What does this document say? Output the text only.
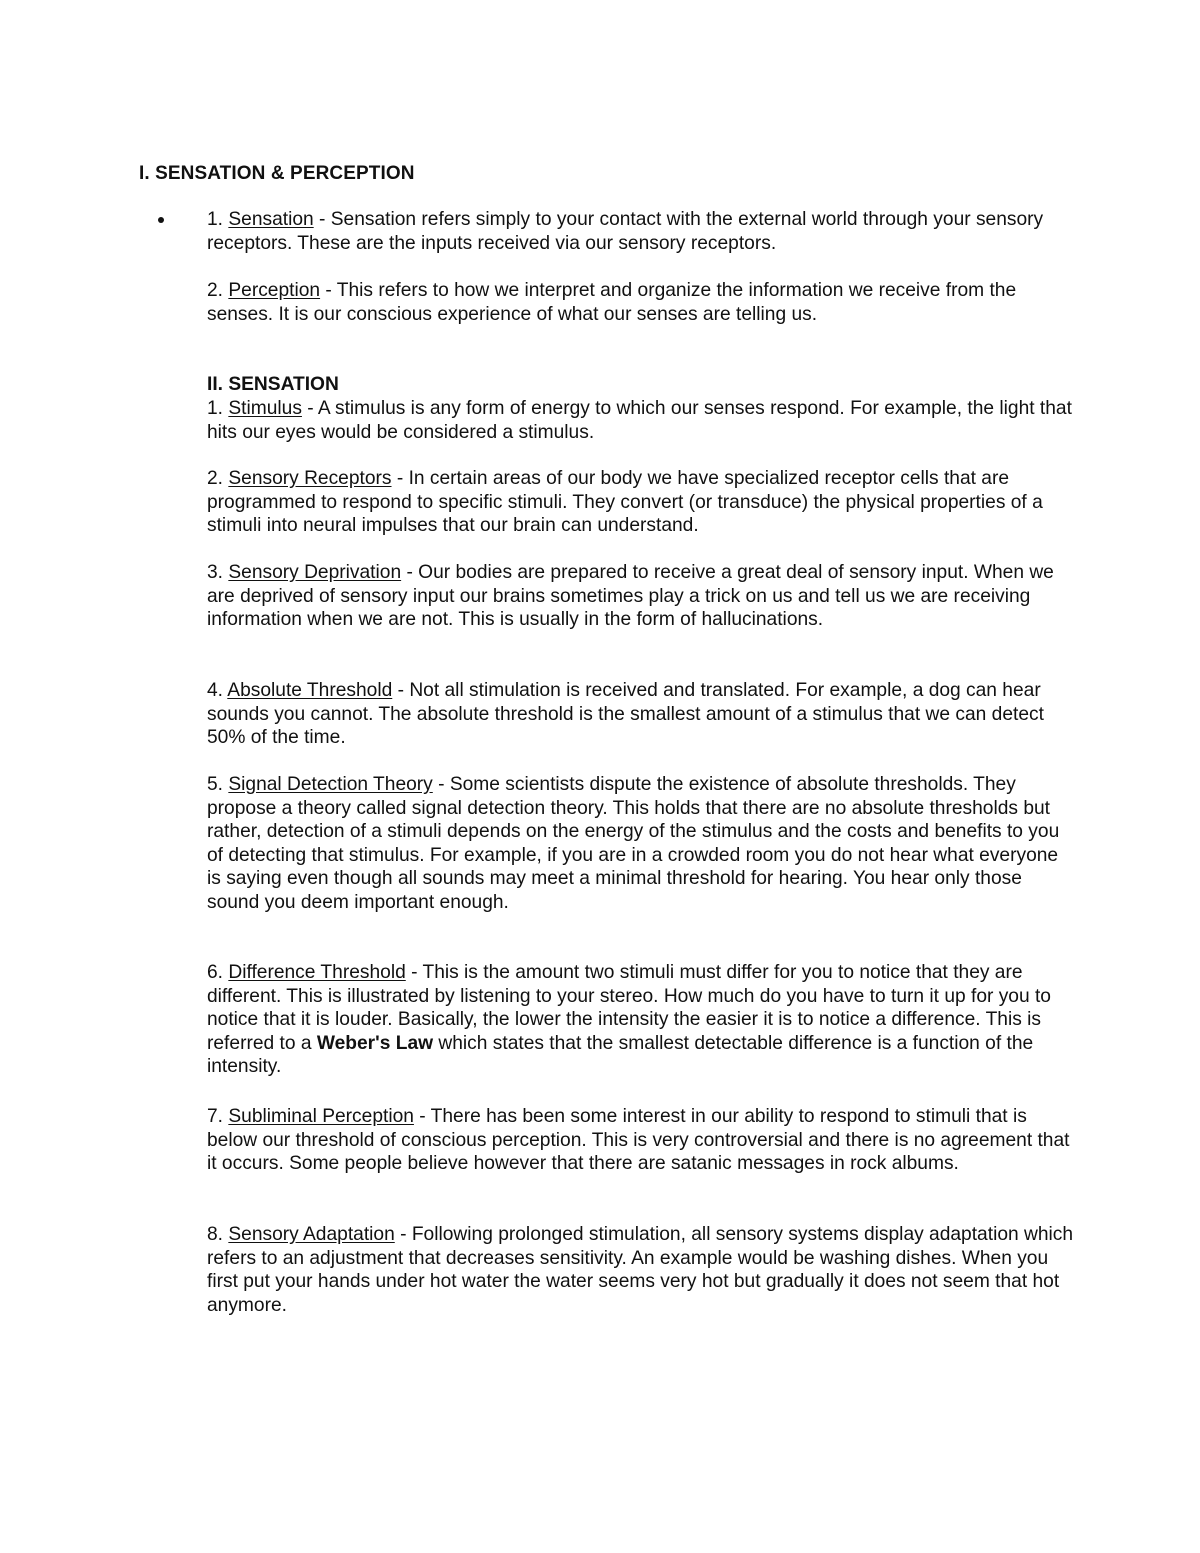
I. SENSATION & PERCEPTION

1. Sensation - Sensation refers simply to your contact with the external world through your sensory receptors. These are the inputs received via our sensory receptors.

2. Perception - This refers to how we interpret and organize the information we receive from the senses. It is our conscious experience of what our senses are telling us.

II. SENSATION

1. Stimulus - A stimulus is any form of energy to which our senses respond. For example, the light that hits our eyes would be considered a stimulus.

2. Sensory Receptors - In certain areas of our body we have specialized receptor cells that are programmed to respond to specific stimuli. They convert (or transduce) the physical properties of a stimuli into neural impulses that our brain can understand.

3. Sensory Deprivation - Our bodies are prepared to receive a great deal of sensory input. When we are deprived of sensory input our brains sometimes play a trick on us and tell us we are receiving information when we are not. This is usually in the form of hallucinations.

4. Absolute Threshold - Not all stimulation is received and translated. For example, a dog can hear sounds you cannot. The absolute threshold is the smallest amount of a stimulus that we can detect 50% of the time.

5. Signal Detection Theory - Some scientists dispute the existence of absolute thresholds. They propose a theory called signal detection theory. This holds that there are no absolute thresholds but rather, detection of a stimuli depends on the energy of the stimulus and the costs and benefits to you of detecting that stimulus. For example, if you are in a crowded room you do not hear what everyone is saying even though all sounds may meet a minimal threshold for hearing. You hear only those sound you deem important enough.

6. Difference Threshold - This is the amount two stimuli must differ for you to notice that they are different. This is illustrated by listening to your stereo. How much do you have to turn it up for you to notice that it is louder. Basically, the lower the intensity the easier it is to notice a difference. This is referred to a Weber's Law which states that the smallest detectable difference is a function of the intensity.

7. Subliminal Perception - There has been some interest in our ability to respond to stimuli that is below our threshold of conscious perception. This is very controversial and there is no agreement that it occurs. Some people believe however that there are satanic messages in rock albums.

8. Sensory Adaptation - Following prolonged stimulation, all sensory systems display adaptation which refers to an adjustment that decreases sensitivity. An example would be washing dishes. When you first put your hands under hot water the water seems very hot but gradually it does not seem that hot anymore.
